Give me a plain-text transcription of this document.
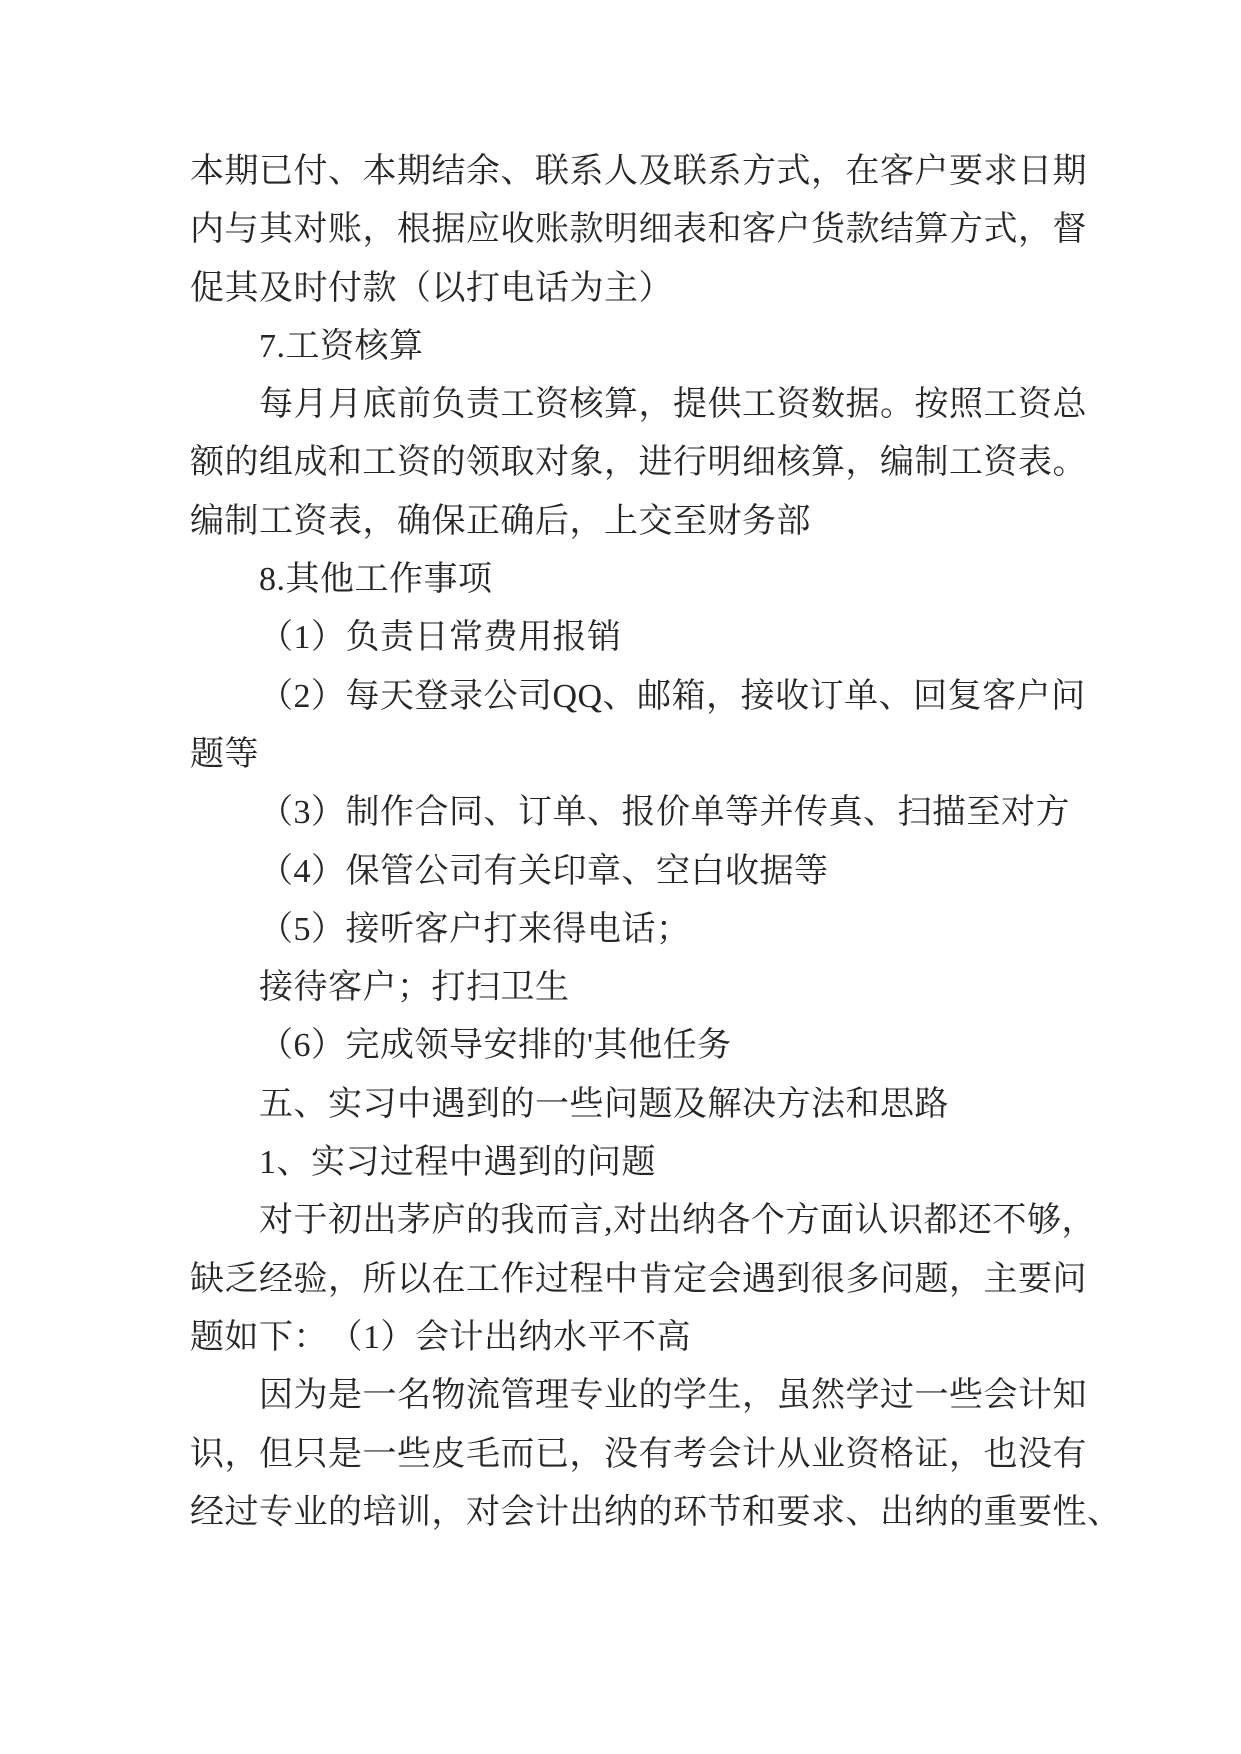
本期已付、本期结余、联系人及联系方式，在客户要求日期

内与其对账，根据应收账款明细表和客户货款结算方式，督

促其及时付款（以打电话为主）

7.工资核算

每月月底前负责工资核算，提供工资数据。按照工资总

额的组成和工资的领取对象，进行明细核算，编制工资表。

编制工资表，确保正确后，上交至财务部

8.其他工作事项

（1）负责日常费用报销

（2）每天登录公司QQ、邮箱，接收订单、回复客户问

题等

（3）制作合同、订单、报价单等并传真、扫描至对方

（4）保管公司有关印章、空白收据等

（5）接听客户打来得电话；

接待客户；打扫卫生

（6）完成领导安排的'其他任务

五、实习中遇到的一些问题及解决方法和思路

1、实习过程中遇到的问题

对于初出茅庐的我而言,对出纳各个方面认识都还不够，

缺乏经验，所以在工作过程中肯定会遇到很多问题，主要问

题如下：　（1）会计出纳水平不高

因为是一名物流管理专业的学生，虽然学过一些会计知

识，但只是一些皮毛而已，没有考会计从业资格证，也没有

经过专业的培训，对会计出纳的环节和要求、出纳的重要性、
